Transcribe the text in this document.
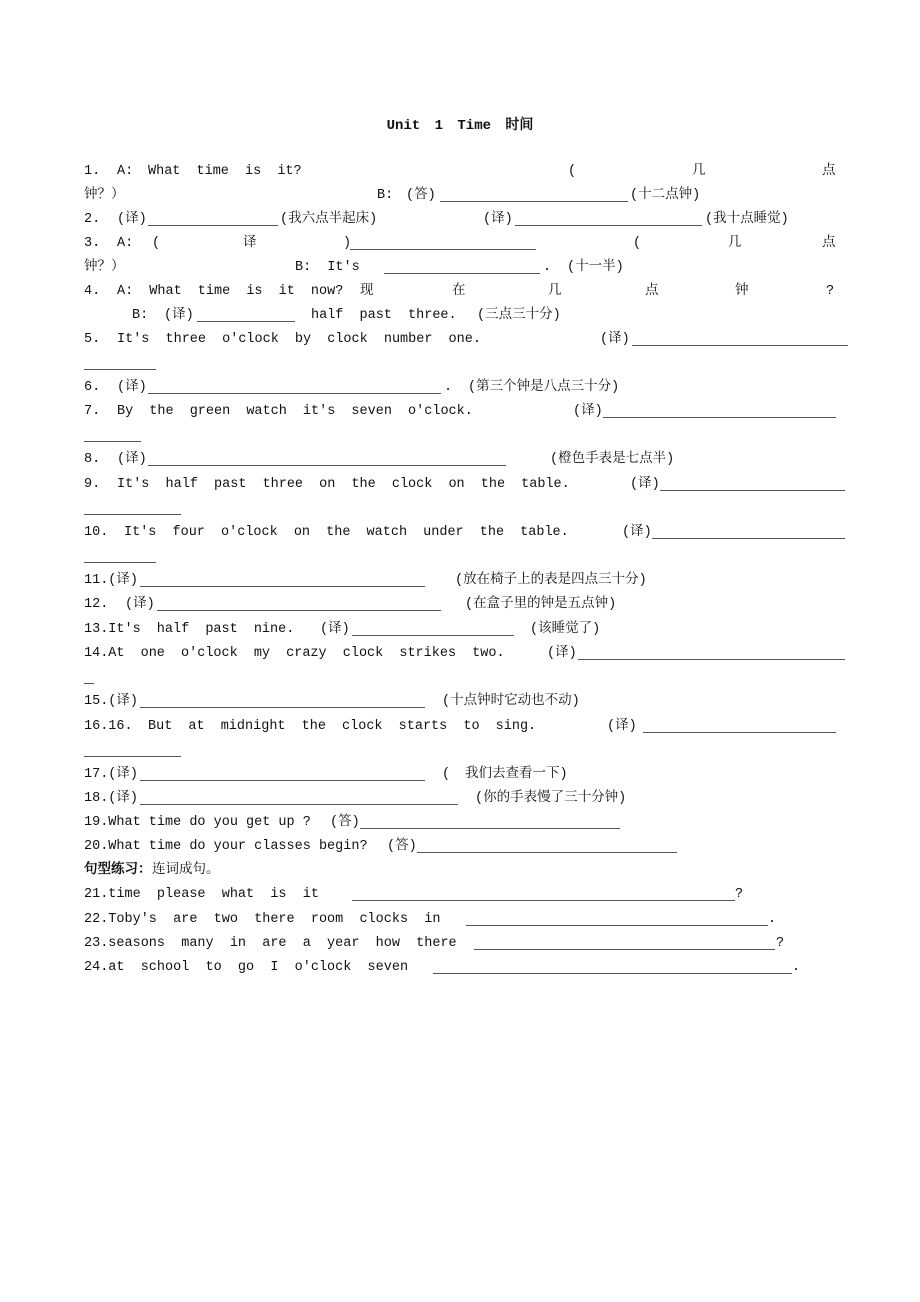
Unit 1 Time 时间
1. A: What time is it?	(	几	点
钟？）	B: (答)	(十二点钟)
2. (译)	(我六点半起床)	(译)	(我十点睡觉)
3. A: (	译	)	(	几	点
钟？）	B: It's	. (十一半)
4. A: What time is it now? 现	在	几	点	钟	?
B: (译)	half past three. (三点三十分)
5. It's three o'clock by clock number one.	(译)
6. (译)	. (第三个钟是八点三十分)
7. By the green watch it's seven o'clock.	(译)
8. (译)	(橙色手表是七点半)
9. It's half past three on the clock on the table.	(译)
10. It's four o'clock on the watch under the table.	(译)
11.(译)	(放在椅子上的表是四点三十分)
12. (译)	(在盒子里的钟是五点钟)
13.It's half past nine. (译)	(该睡觉了)
14.At one o'clock my crazy clock strikes two.	(译)
15.(译)	(十点钟时它动也不动)
16.16. But at midnight the clock starts to sing.	(译)
17.(译)	( 我们去查看一下)
18.(译)	(你的手表慢了三十分钟)
19.What time do you get up ? (答)
20.What time do your classes begin? (答)
句型练习： 连词成句。
21.time  please  what  is  it	?
22.Toby's  are  two  there  room  clocks  in	.
23.seasons  many  in  are  a  year  how  there	?
24.at  school  to  go  I  o'clock  seven	.
